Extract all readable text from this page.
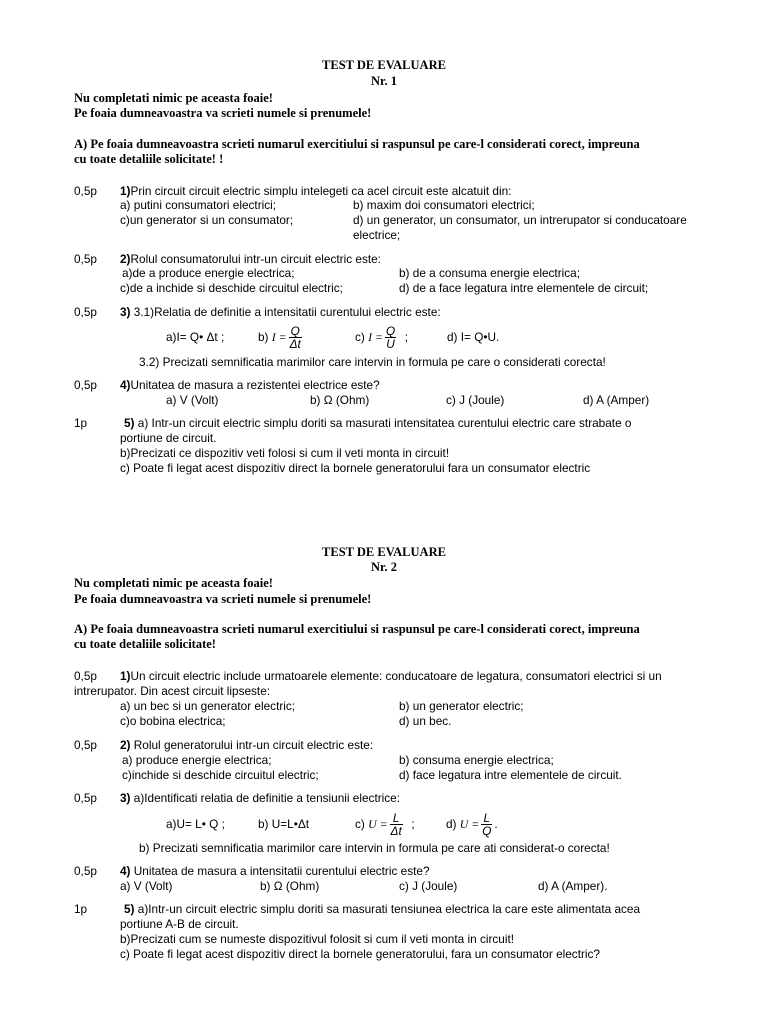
TEST DE EVALUARE
Nr. 1
Nu completati nimic pe aceasta foaie!
Pe foaia dumneavoastra va scrieti numele si prenumele!
A) Pe foaia dumneavoastra scrieti numarul exercitiului si raspunsul pe care-l considerati corect, impreuna
cu toate detaliile solicitate! !
0,5p 1)Prin circuit circuit electric simplu intelegeti ca acel circuit este alcatuit din:
a) putini consumatori electrici;	b) maxim doi consumatori electrici;
c)un generator si un consumator;	d) un generator, un consumator, un intrerupator si conducatoare
electrice;
0,5p 2)Rolul consumatorului intr-un circuit electric este:
a)de a produce energie electrica;	b) de a consuma energie electrica;
c)de a inchide si deschide circuitul electric;	d) de a face legatura intre elementele de circuit;
0,5p 3) 3.1)Relatia de definitie a intensitatii curentului electric este:
a)I= Q• Δt ;	b) $I = \frac{Q}{\Delta t}$	c) $I = \frac{Q}{U}$ ;	d) I= Q•U.
3.2) Precizati semnificatia marimilor care intervin in formula pe care o considerati corecta!
0,5p 4)Unitatea de masura a rezistentei electrice este?
a) V (Volt)	b) Ω (Ohm)	c) J (Joule)	d) A (Amper)
1p	5) a) Intr-un circuit electric simplu doriti sa masurati intensitatea curentului electric care strabate o
portiune de circuit.
b)Precizati ce dispozitiv veti folosi si cum il veti monta in circuit!
c) Poate fi legat acest dispozitiv direct la bornele generatorului fara un consumator electric
TEST DE EVALUARE
Nr. 2
Nu completati nimic pe aceasta foaie!
Pe foaia dumneavoastra va scrieti numele si prenumele!
A) Pe foaia dumneavoastra scrieti numarul exercitiului si raspunsul pe care-l considerati corect, impreuna
cu toate detaliile solicitate!
0,5p 1)Un circuit electric include urmatoarele elemente: conducatoare de legatura, consumatori electrici si un
intrerupator. Din acest circuit lipseste:
a) un bec si un generator electric;	b) un generator electric;
c)o bobina electrica;	d) un bec.
0,5p 2) Rolul generatorului intr-un circuit electric este:
a) produce energie electrica;	b) consuma energie electrica;
c)inchide si deschide circuitul electric;	d) face legatura intre elementele de circuit.
0,5p 3) a)Identificati relatia de definitie a tensiunii electrice:
a)U= L• Q ;	b) U=L•Δt	c) $U = \frac{L}{\Delta t}$ ;	d) $U = \frac{L}{Q}$ .
b) Precizati semnificatia marimilor care intervin in formula pe care ati considerat-o corecta!
0,5p 4) Unitatea de masura a intensitatii curentului electric este?
a) V (Volt)	b) Ω (Ohm)	c) J (Joule)	d) A (Amper).
1p	5) a)Intr-un circuit electric simplu doriti sa masurati tensiunea electrica la care este alimentata acea
portiune A-B de circuit.
b)Precizati cum se numeste dispozitivul folosit si cum il veti monta in circuit!
c) Poate fi legat acest dispozitiv direct la bornele generatorului, fara un consumator electric?
